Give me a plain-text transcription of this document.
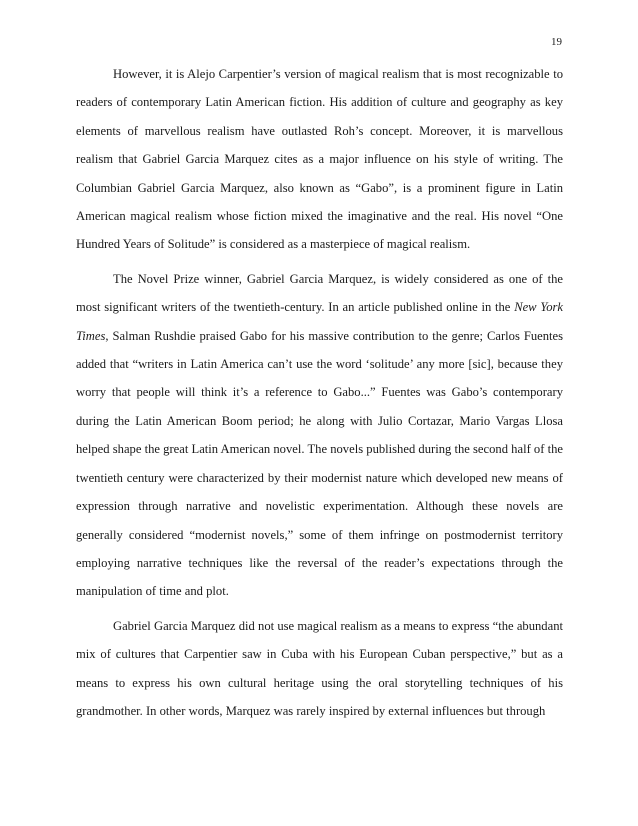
19

However, it is Alejo Carpentier’s version of magical realism that is most recognizable to readers of contemporary Latin American fiction. His addition of culture and geography as key elements of marvellous realism have outlasted Roh’s concept. Moreover, it is marvellous realism that Gabriel Garcia Marquez cites as a major influence on his style of writing. The Columbian Gabriel Garcia Marquez, also known as “Gabo”, is a prominent figure in Latin American magical realism whose fiction mixed the imaginative and the real. His novel “One Hundred Years of Solitude” is considered as a masterpiece of magical realism.

The Novel Prize winner, Gabriel Garcia Marquez, is widely considered as one of the most significant writers of the twentieth-century. In an article published online in the New York Times, Salman Rushdie praised Gabo for his massive contribution to the genre; Carlos Fuentes added that “writers in Latin America can’t use the word ‘solitude’ any more [sic], because they worry that people will think it’s a reference to Gabo...” Fuentes was Gabo’s contemporary during the Latin American Boom period; he along with Julio Cortazar, Mario Vargas Llosa helped shape the great Latin American novel. The novels published during the second half of the twentieth century were characterized by their modernist nature which developed new means of expression through narrative and novelistic experimentation. Although these novels are generally considered “modernist novels,” some of them infringe on postmodernist territory employing narrative techniques like the reversal of the reader’s expectations through the manipulation of time and plot.

Gabriel Garcia Marquez did not use magical realism as a means to express “the abundant mix of cultures that Carpentier saw in Cuba with his European Cuban perspective,” but as a means to express his own cultural heritage using the oral storytelling techniques of his grandmother. In other words, Marquez was rarely inspired by external influences but through
